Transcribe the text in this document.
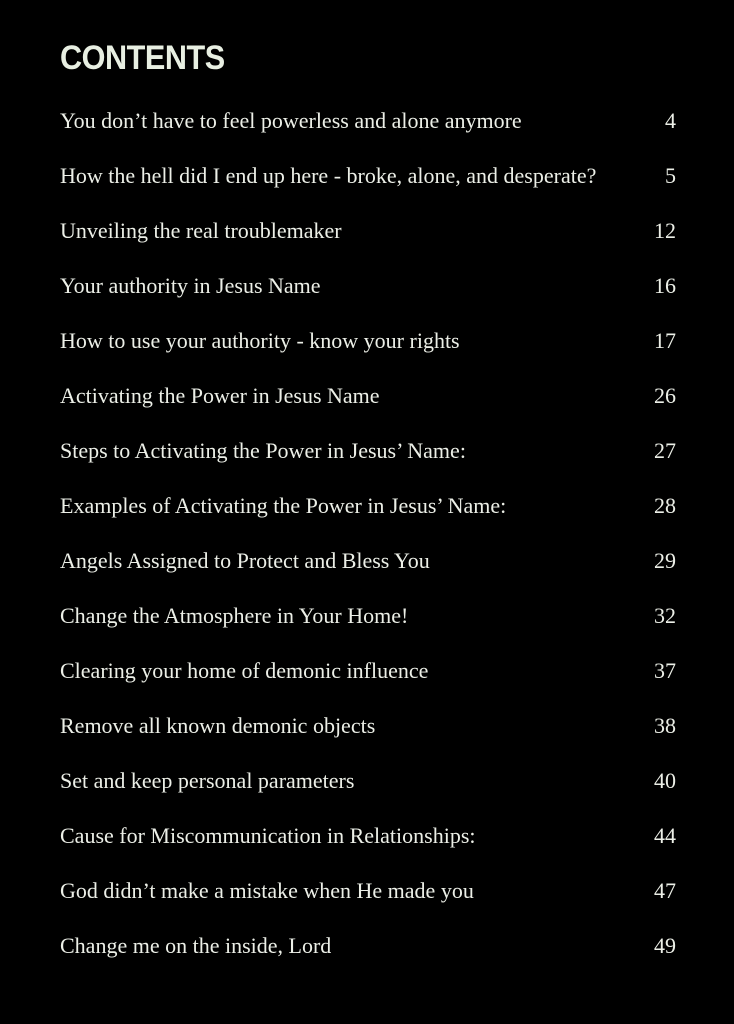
CONTENTS
You don’t have to feel powerless and alone anymore	4
How the hell did I end up here - broke, alone, and desperate?	5
Unveiling the real troublemaker	12
Your authority in Jesus Name	16
How to use your authority - know your rights	17
Activating the Power in Jesus Name	26
Steps to Activating the Power in Jesus’ Name:	27
Examples of Activating the Power in Jesus’ Name:	28
Angels Assigned to Protect and Bless You	29
Change the Atmosphere in Your Home!	32
Clearing your home of demonic influence	37
Remove all known demonic objects	38
Set and keep personal parameters	40
Cause for Miscommunication in Relationships:	44
God didn’t make a mistake when He made you	47
Change me on the inside, Lord	49
